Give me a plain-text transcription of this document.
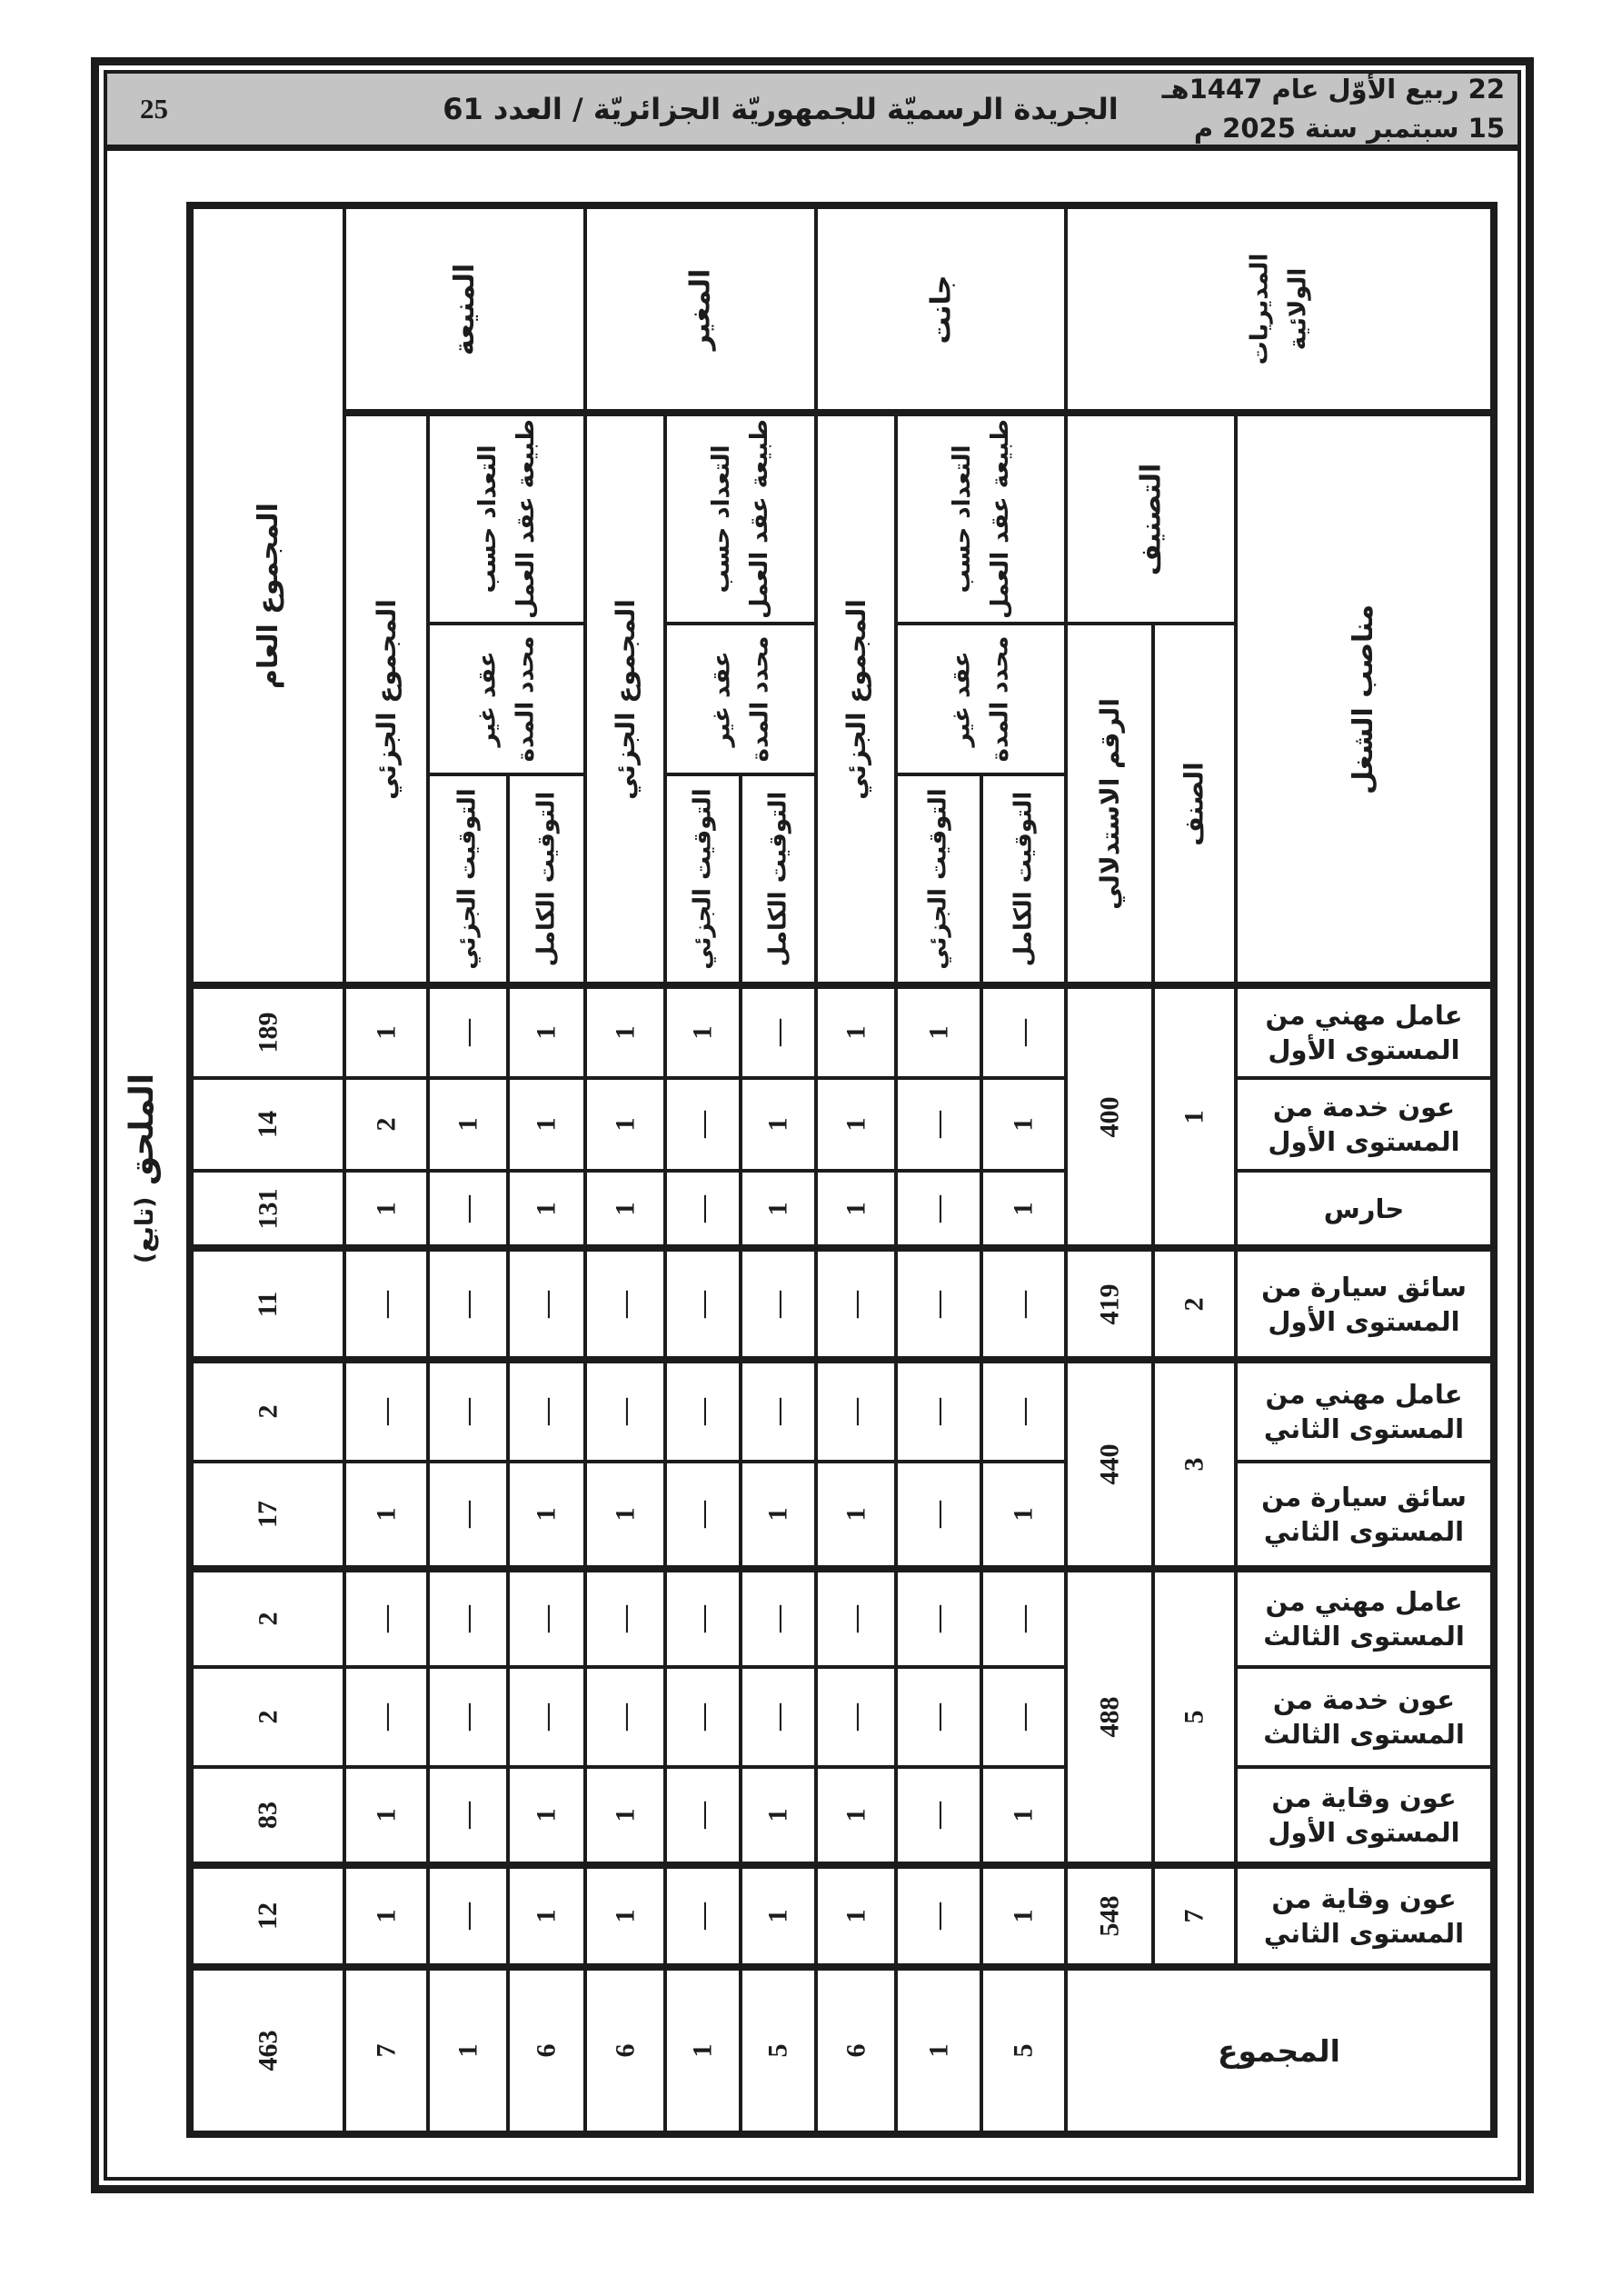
25	الجريدة الرسميّة للجمهوريّة الجزائريّة / العدد 61
22 ربيع الأوّل عام 1447هـ
15 سبتمبر سنة 2025 م
الملحق (تابع)
المديريات الولائية			جانت			المغير			المنيعة			المجموع العام

مناصب الشغل	التصنيف		التعداد حسب طبيعة عقد العمل		المجموع الجزئي	التعداد حسب طبيعة عقد العمل		المجموع الجزئي	التعداد حسب طبيعة عقد العمل		المجموع الجزئي	

	الصنف	الرقم الاستدلالي	عقد غير محدد المدة			عقد غير محدد المدة			عقد غير محدد المدة			

			التوقيت الكامل	التوقيت الجزئي		التوقيت الكامل	التوقيت الجزئي		التوقيت الكامل	التوقيت الجزئي		

عامل مهني من المستوى الأول	1	400	—	1	1	—	1	1	1	—	1	189

عون خدمة من المستوى الأول			1	—	1	1	—	1	1	1	2	14

حارس			1	—	1	1	—	1	1	—	1	131

سائق سيارة من المستوى الأول	2	419	—	—	—	—	—	—	—	—	—	11

عامل مهني من المستوى الثاني	3	440	—	—	—	—	—	—	—	—	—	2

سائق سيارة من المستوى الثاني			1	—	1	1	—	1	1	—	1	17

عامل مهني من المستوى الثالث	5	488	—	—	—	—	—	—	—	—	—	2

عون خدمة من المستوى الثالث			—	—	—	—	—	—	—	—	—	2

عون وقاية من المستوى الأول			1	—	1	1	—	1	1	—	1	83

عون وقاية من المستوى الثاني	7	548	1	—	1	1	—	1	1	—	1	12

المجموع			5	1	6	5	1	6	6	1	7	463
